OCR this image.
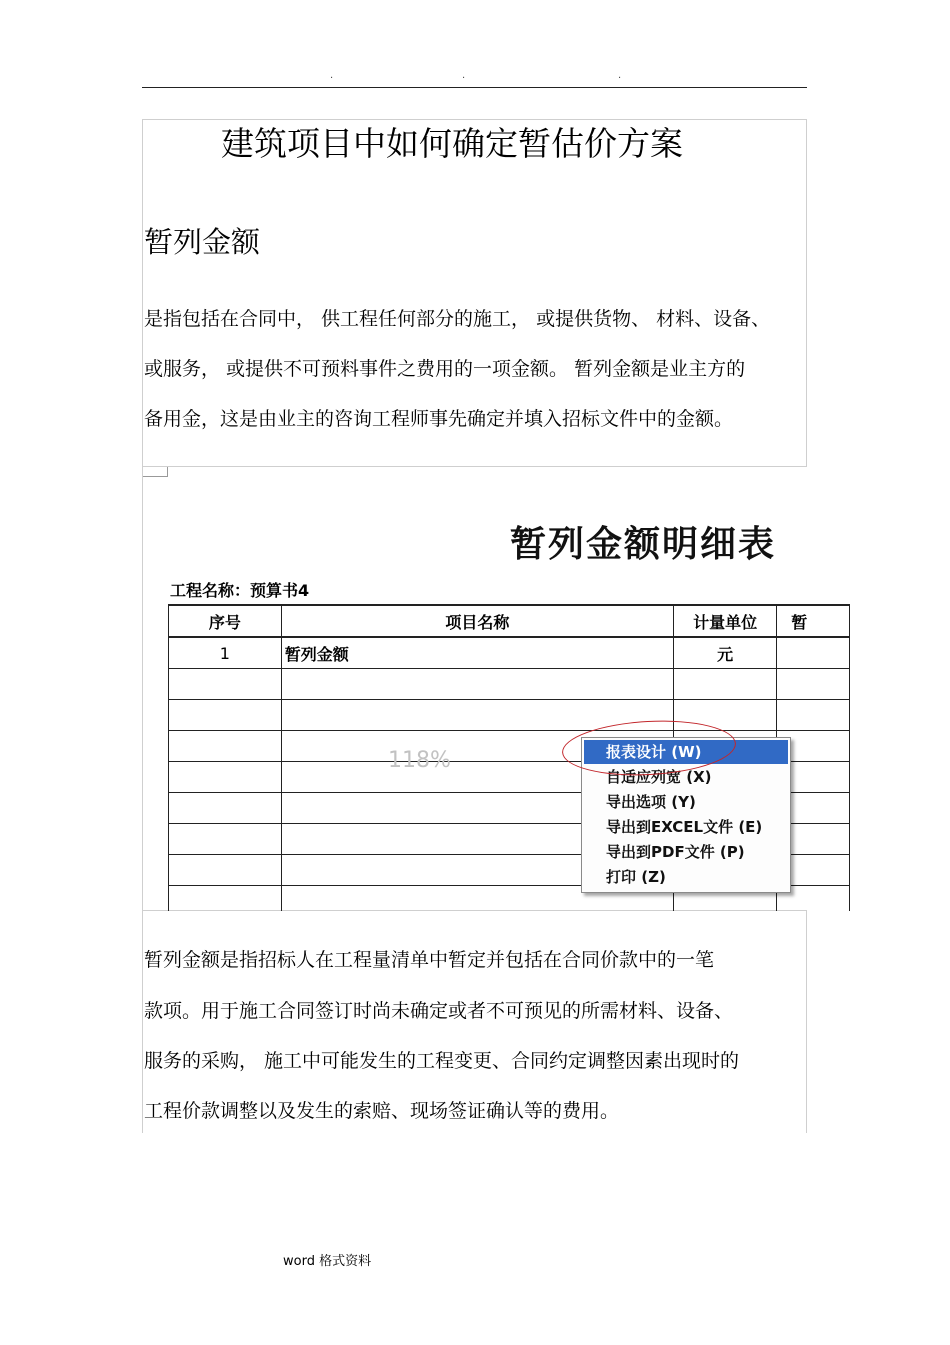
.	.	.
建筑项目中如何确定暂估价方案
暂列金额
是指包括在合同中， 供工程任何部分的施工， 或提供货物、 材料、设备、
或服务， 或提供不可预料事件之费用的一项金额。 暂列金额是业主方的
备用金，这是由业主的咨询工程师事先确定并填入招标文件中的金额。
暂列金额明细表
工程名称：预算书4
序号	项目名称	计量单位	暂
1	暂列金额	元	

118%	报表设计 (W)
自适应列宽 (X)
导出选项 (Y)
导出到EXCEL文件 (E)
导出到PDF文件 (P)
打印 (Z)
暂列金额是指招标人在工程量清单中暂定并包括在合同价款中的一笔
款项。用于施工合同签订时尚未确定或者不可预见的所需材料、设备、
服务的采购， 施工中可能发生的工程变更、合同约定调整因素出现时的
工程价款调整以及发生的索赔、现场签证确认等的费用。
word 格式资料
